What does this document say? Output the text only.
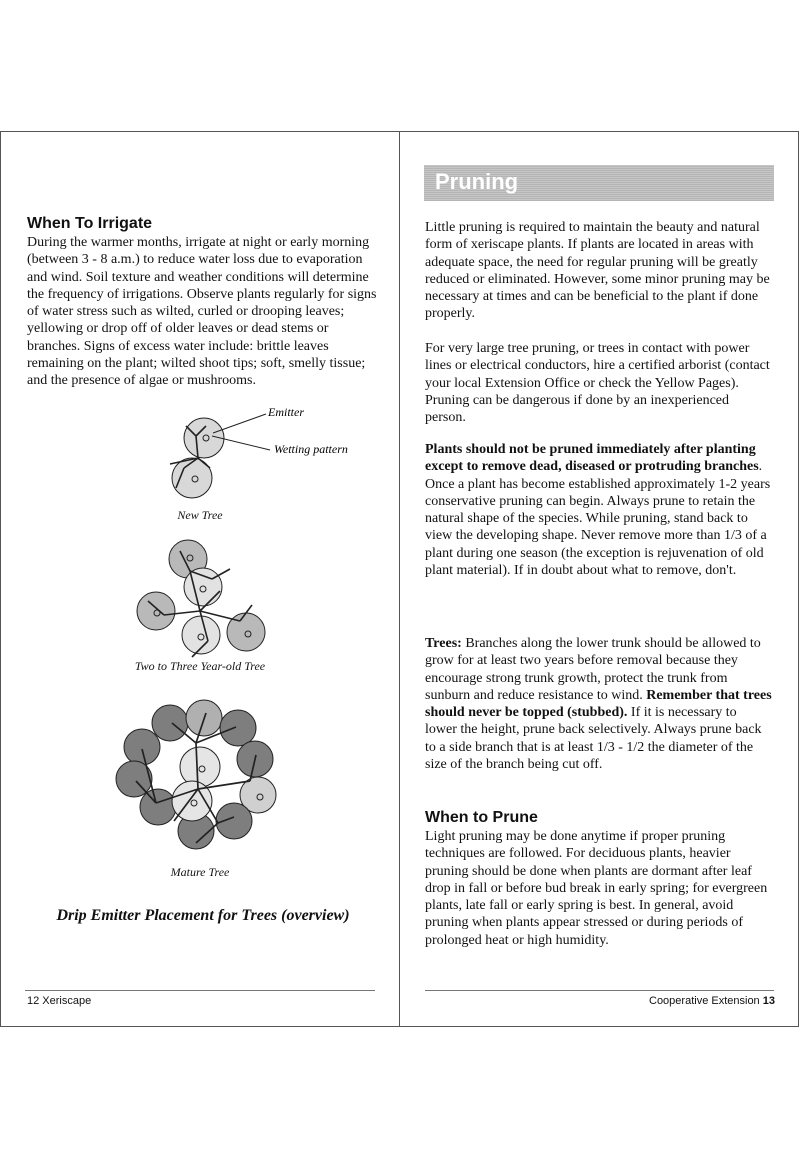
When To Irrigate

During the warmer months, irrigate at night or early morning (between 3 - 8 a.m.) to reduce water loss due to evaporation and wind. Soil texture and weather conditions will determine the frequency of irrigations. Observe plants regularly for signs of water stress such as wilted, curled or drooping leaves; yellowing or drop off of older leaves or dead stems or branches. Signs of excess water include: brittle leaves remaining on the plant; wilted shoot tips; soft, smelly tissue; and the presence of algae or mushrooms.

Emitter
Wetting pattern
New Tree
Two to Three Year-old Tree
Mature Tree
Drip Emitter Placement for Trees (overview)
12 Xeriscape
Pruning

Little pruning is required to maintain the beauty and natural form of xeriscape plants. If plants are located in areas with adequate space, the need for regular pruning will be greatly reduced or eliminated. However, some minor pruning may be necessary at times and can be beneficial to the plant if done properly.

For very large tree pruning, or trees in contact with power lines or electrical conductors, hire a certified arborist (contact your local Extension Office or check the Yellow Pages). Pruning can be dangerous if done by an inexperienced person.

Plants should not be pruned immediately after planting except to remove dead, diseased or protruding branches. Once a plant has become established approximately 1-2 years conservative pruning can begin. Always prune to retain the natural shape of the species. While pruning, stand back to view the developing shape. Never remove more than 1/3 of a plant during one season (the exception is rejuvenation of old plant material). If in doubt about what to remove, don't.

Trees: Branches along the lower trunk should be allowed to grow for at least two years before removal because they encourage strong trunk growth, protect the trunk from sunburn and reduce resistance to wind. Remember that trees should never be topped (stubbed). If it is necessary to lower the height, prune back selectively. Always prune back to a side branch that is at least 1/3 - 1/2 the diameter of the size of the branch being cut off.

When to Prune

Light pruning may be done anytime if proper pruning techniques are followed. For deciduous plants, heavier pruning should be done when plants are dormant after leaf drop in fall or before bud break in early spring; for evergreen plants, late fall or early spring is best. In general, avoid pruning when plants appear stressed or during periods of prolonged heat or high humidity.

Cooperative Extension 13
